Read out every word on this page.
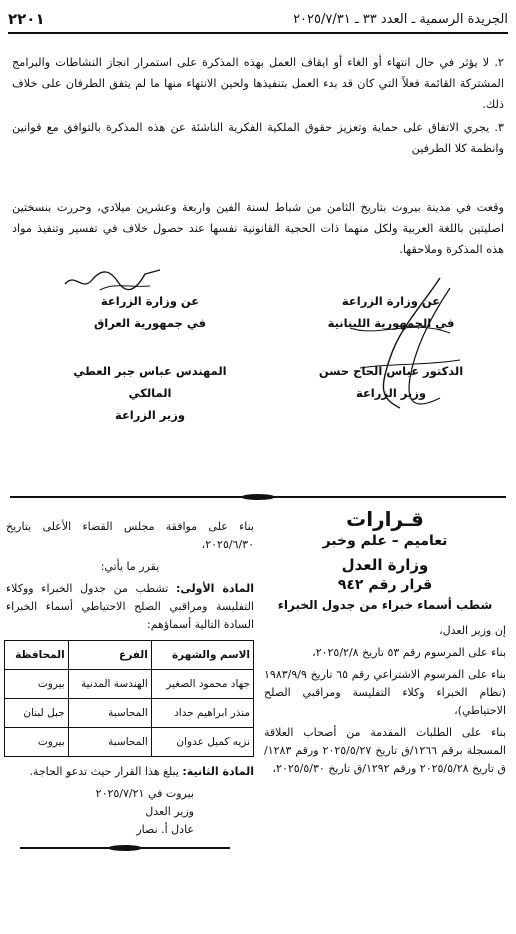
الجريدة الرسمية ـ العدد ٣٣ ـ ٢٠٢٥/٧/٣١
٢٢٠١

٢. لا يؤثر في حال انتهاء أو الغاء أو ايقاف العمل بهذه المذكرة على استمرار انجاز النشاطات والبرامج المشتركة القائمة فعلاً التي كان قد بدء العمل بتنفيذها ولحين الانتهاء منها ما لم يتفق الطرفان على خلاف ذلك.

٣. يجري الاتفاق على حماية وتعزيز حقوق الملكية الفكرية الناشئة عن هذه المذكرة بالتوافق مع قوانين وانظمة كلا الطرفين

وقعت في مدينة بيروت بتاريخ الثامن من شباط لسنة الفين واربعة وعشرين ميلادي، وحررت بنسختين اصليتين باللغة العربية ولكل منهما ذات الحجية القانونية نفسها عند حصول خلاف في تفسير وتنفيذ مواد هذه المذكرة وملاحقها.

عن وزارة الزراعة
في الجمهورية اللبنانية
الدكتور عباس الحاج حسن
وزير الزراعة
عن وزارة الزراعة
في جمهورية العراق
المهندس عباس جبر العطي المالكي
وزير الزراعة
قـرارات
تعاميم – علم وخبر
وزارة العدل
قرار رقم ٩٤٢
شطب أسماء خبراء من جدول الخبراء

إن وزير العدل،

بناء على المرسوم رقم ٥٣ تاريخ ٢٠٢٥/٢/٨،

بناء على المرسوم الاشتراعي رقم ٦٥ تاريخ ١٩٨٣/٩/٩ (نظام الخبراء وكلاء التفليسة ومراقبي الصلح الاحتياطي)،

بناء على الطلبات المقدمة من أصحاب العلاقة المسجلة برقم ١٢٦٦/ق تاريخ ٢٠٢٥/٥/٢٧ ورقم ١٢٨٣/ق تاريخ ٢٠٢٥/٥/٢٨ ورقم ١٢٩٢/ق تاريخ ٢٠٢٥/٥/٣٠،

بناء على موافقة مجلس القضاء الأعلى بتاريخ ٢٠٢٥/٦/٣٠،

يقرر ما يأتي:

المادة الأولى: تشطب من جدول الخبراء ووكلاء التفليسة ومراقبي الصلح الاحتياطي أسماء الخبراء السادة التالية أسماؤهم:

الاسم والشهرة	الفرع	المحافظة
جهاد محمود الصغير	الهندسة المدنية	بيروت
منذر ابراهيم حداد	المحاسبة	جبل لبنان
نزيه كميل عدوان	المحاسبة	بيروت

المادة الثانية: يبلغ هذا القرار حيث تدعو الحاجة.

بيروت في ٢٠٢٥/٧/٢١
وزير العدل
عادل أ. نصار
